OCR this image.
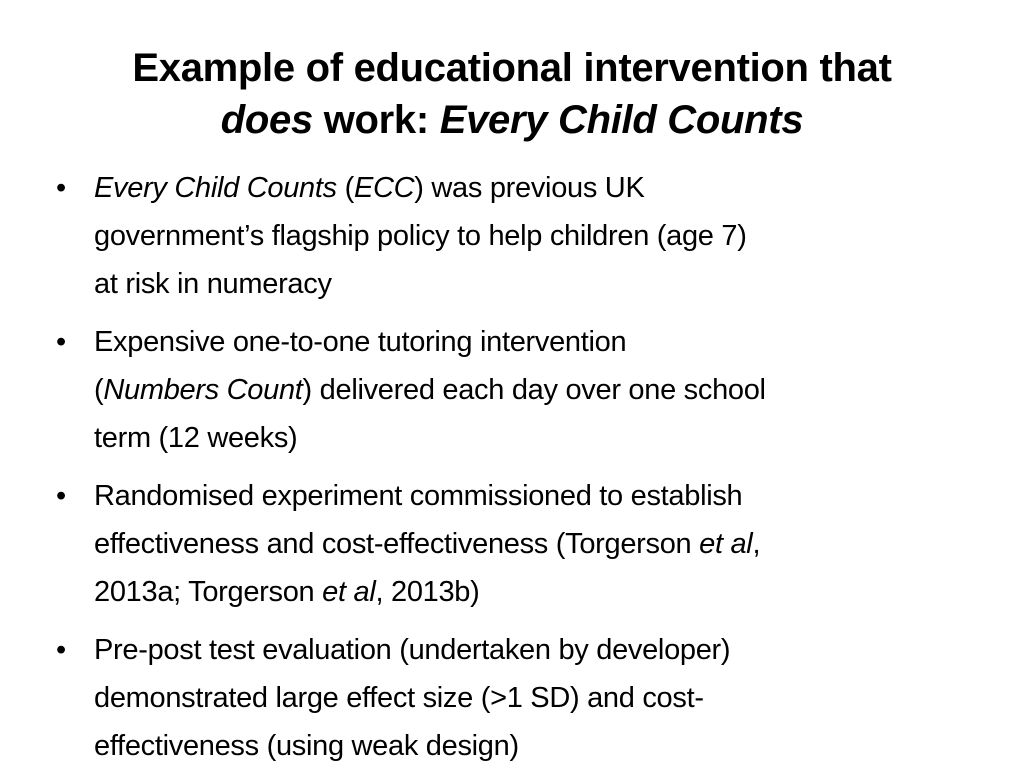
Example of educational intervention that
does work: Every Child Counts
• Every Child Counts (ECC) was previous UK
government’s flagship policy to help children (age 7)
at risk in numeracy
• Expensive one-to-one tutoring intervention
(Numbers Count) delivered each day over one school
term (12 weeks)
• Randomised experiment commissioned to establish
effectiveness and cost-effectiveness (Torgerson et al,
2013a; Torgerson et al, 2013b)
• Pre-post test evaluation (undertaken by developer)
demonstrated large effect size (>1 SD) and cost-
effectiveness (using weak design)
